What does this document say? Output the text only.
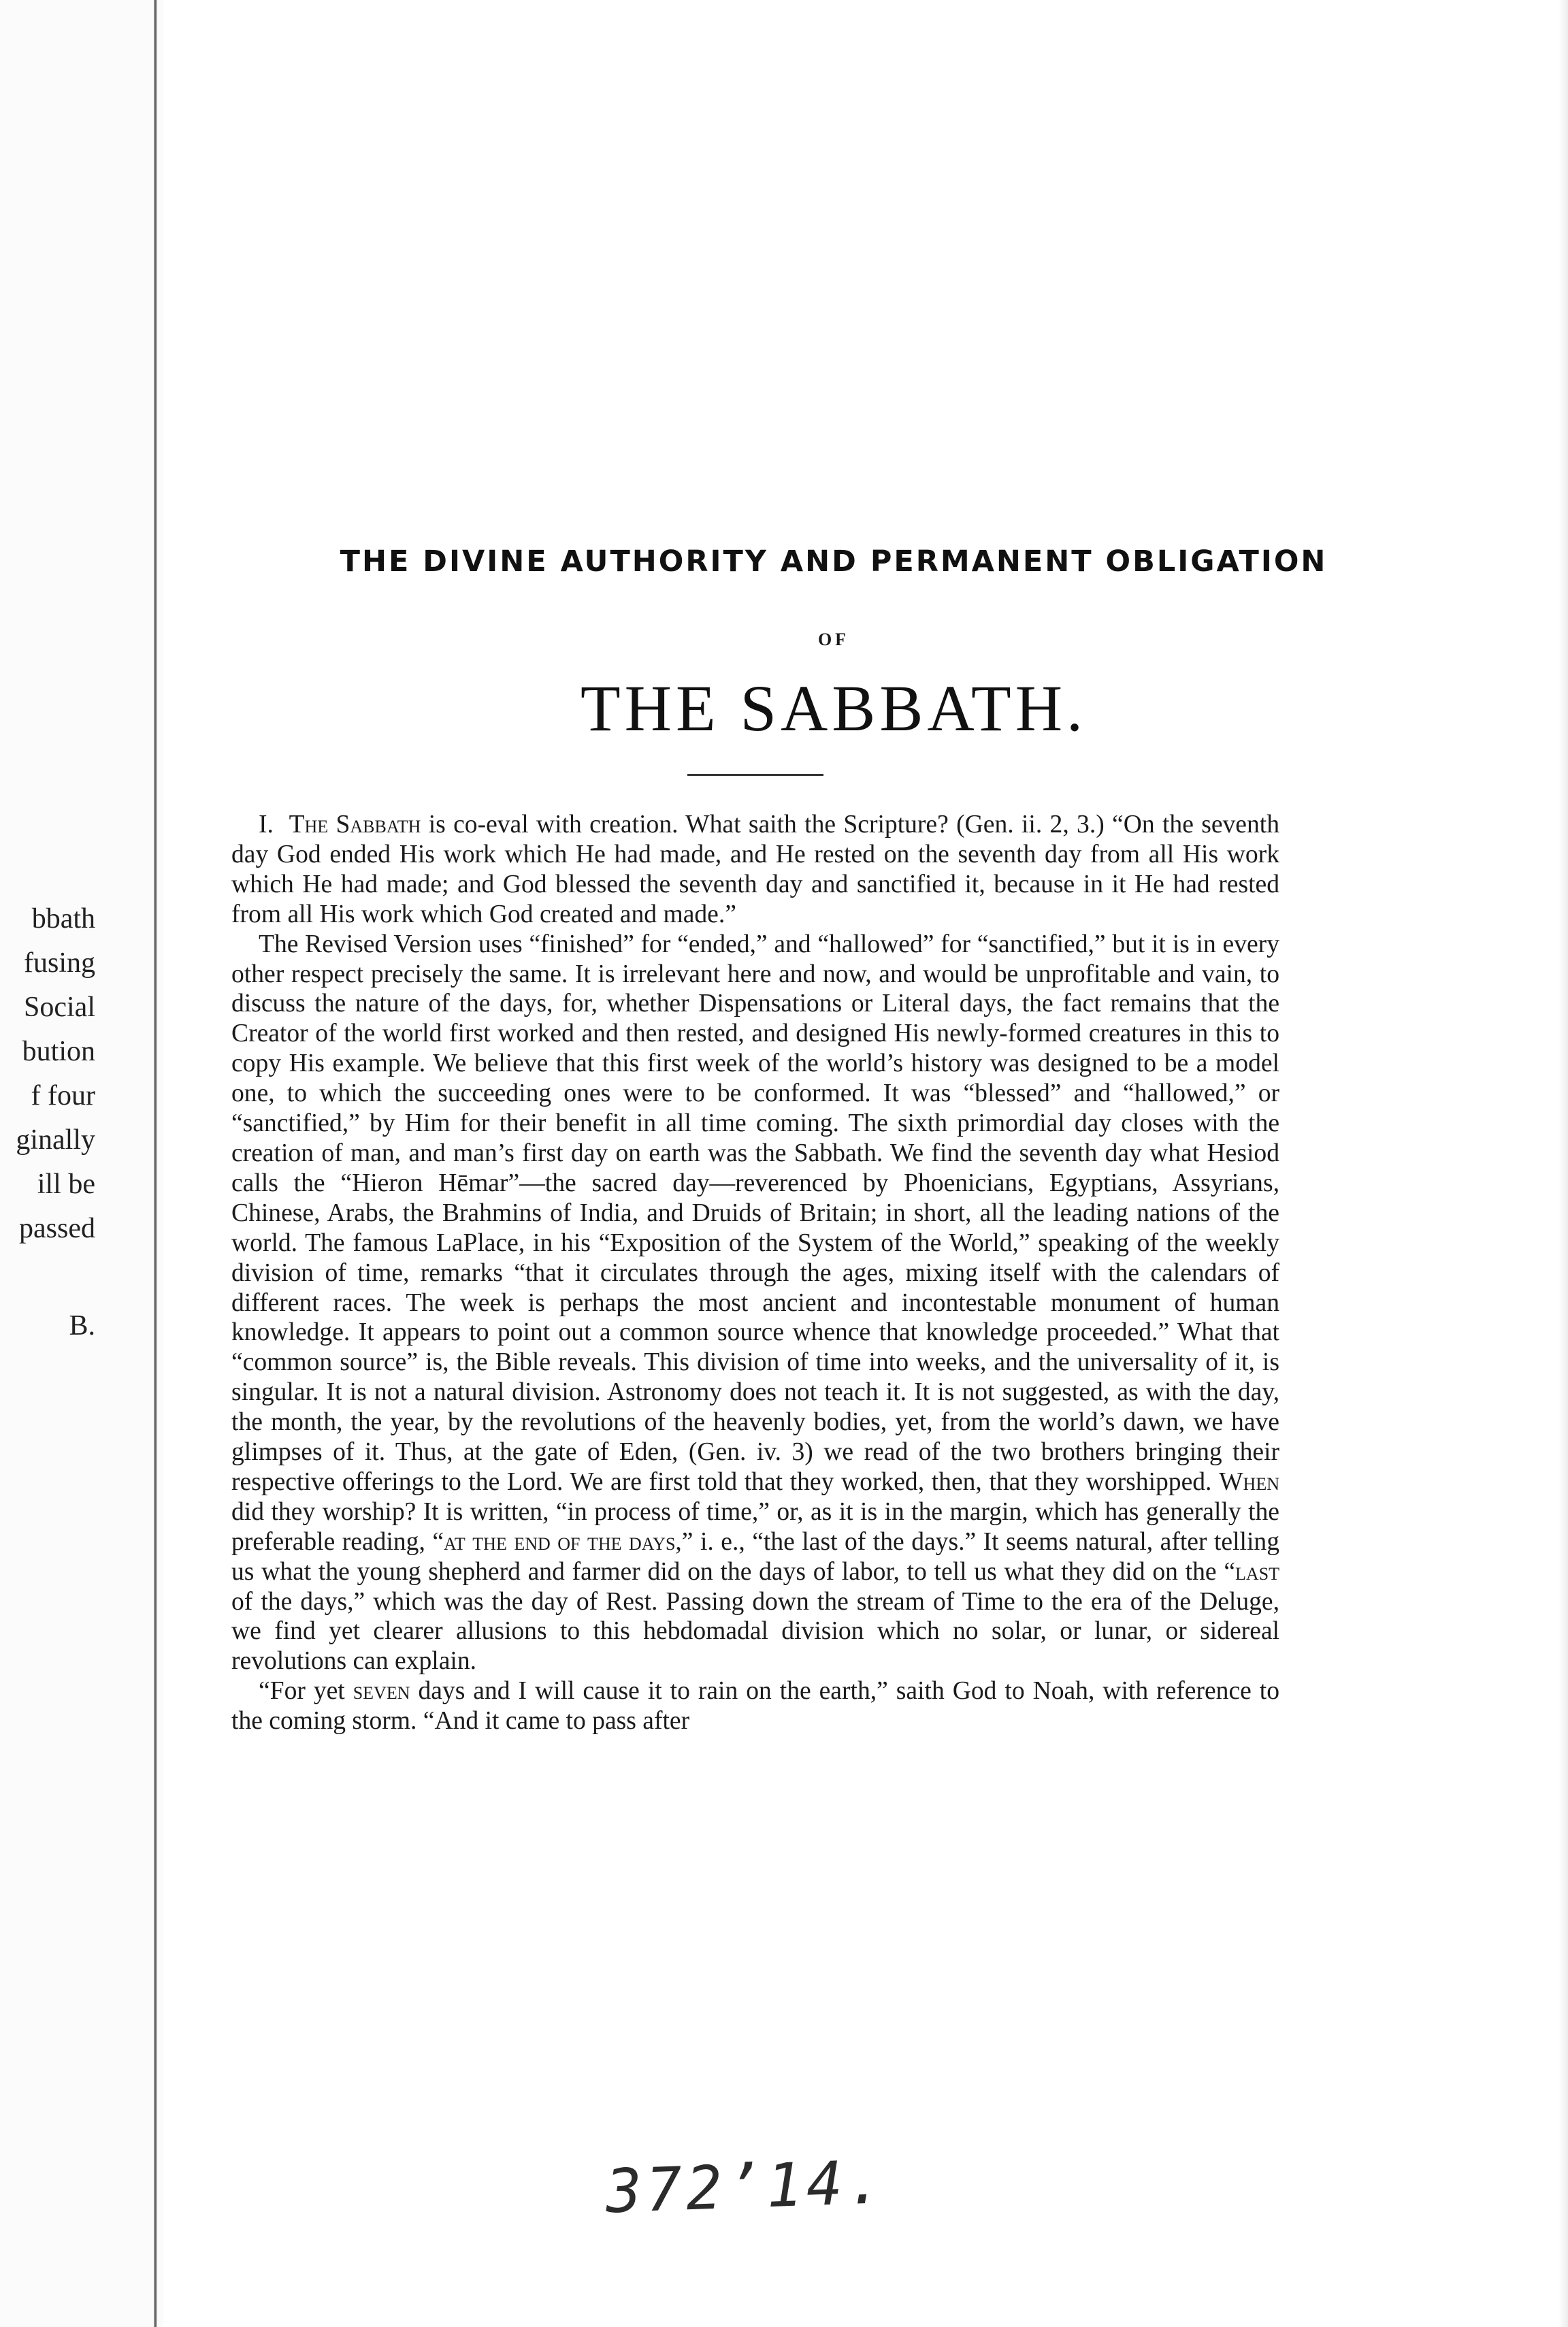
bbath
fusing
Social
bution
f four
ginally
ill be
passed
B.
THE DIVINE AUTHORITY AND PERMANENT OBLIGATION
OF
THE SABBATH.

I. The Sabbath is co-eval with creation. What saith the Scripture? (Gen. ii. 2, 3.) “On the seventh day God ended His work which He had made, and He rested on the seventh day from all His work which He had made; and God blessed the seventh day and sanctified it, because in it He had rested from all His work which God created and made.”

The Revised Version uses “finished” for “ended,” and “hallowed” for “sanctified,” but it is in every other respect precisely the same. It is irrelevant here and now, and would be unprofitable and vain, to discuss the nature of the days, for, whether Dispensations or Literal days, the fact remains that the Creator of the world first worked and then rested, and designed His newly-formed creatures in this to copy His example. We believe that this first week of the world’s history was designed to be a model one, to which the succeeding ones were to be conformed. It was “blessed” and “hallowed,” or “sanctified,” by Him for their benefit in all time coming. The sixth primordial day closes with the creation of man, and man’s first day on earth was the Sabbath. We find the seventh day what Hesiod calls the “Hieron Hēmar”—the sacred day—reverenced by Phoenicians, Egyptians, Assyrians, Chinese, Arabs, the Brahmins of India, and Druids of Britain; in short, all the leading nations of the world. The famous LaPlace, in his “Exposition of the System of the World,” speaking of the weekly division of time, remarks “that it circulates through the ages, mixing itself with the calendars of different races. The week is perhaps the most ancient and incontestable monument of human knowledge. It appears to point out a common source whence that knowledge proceeded.” What that “common source” is, the Bible reveals. This division of time into weeks, and the universality of it, is singular. It is not a natural division. Astronomy does not teach it. It is not suggested, as with the day, the month, the year, by the revolutions of the heavenly bodies, yet, from the world’s dawn, we have glimpses of it. Thus, at the gate of Eden, (Gen. iv. 3) we read of the two brothers bringing their respective offerings to the Lord. We are first told that they worked, then, that they worshipped. When did they worship? It is written, “in process of time,” or, as it is in the margin, which has generally the preferable reading, “at the end of the days,” i. e., “the last of the days.” It seems natural, after telling us what the young shepherd and farmer did on the days of labor, to tell us what they did on the “last of the days,” which was the day of Rest. Passing down the stream of Time to the era of the Deluge, we find yet clearer allusions to this hebdomadal division which no solar, or lunar, or sidereal revolutions can explain.

“For yet seven days and I will cause it to rain on the earth,” saith God to Noah, with reference to the coming storm. “And it came to pass after

372’14.
